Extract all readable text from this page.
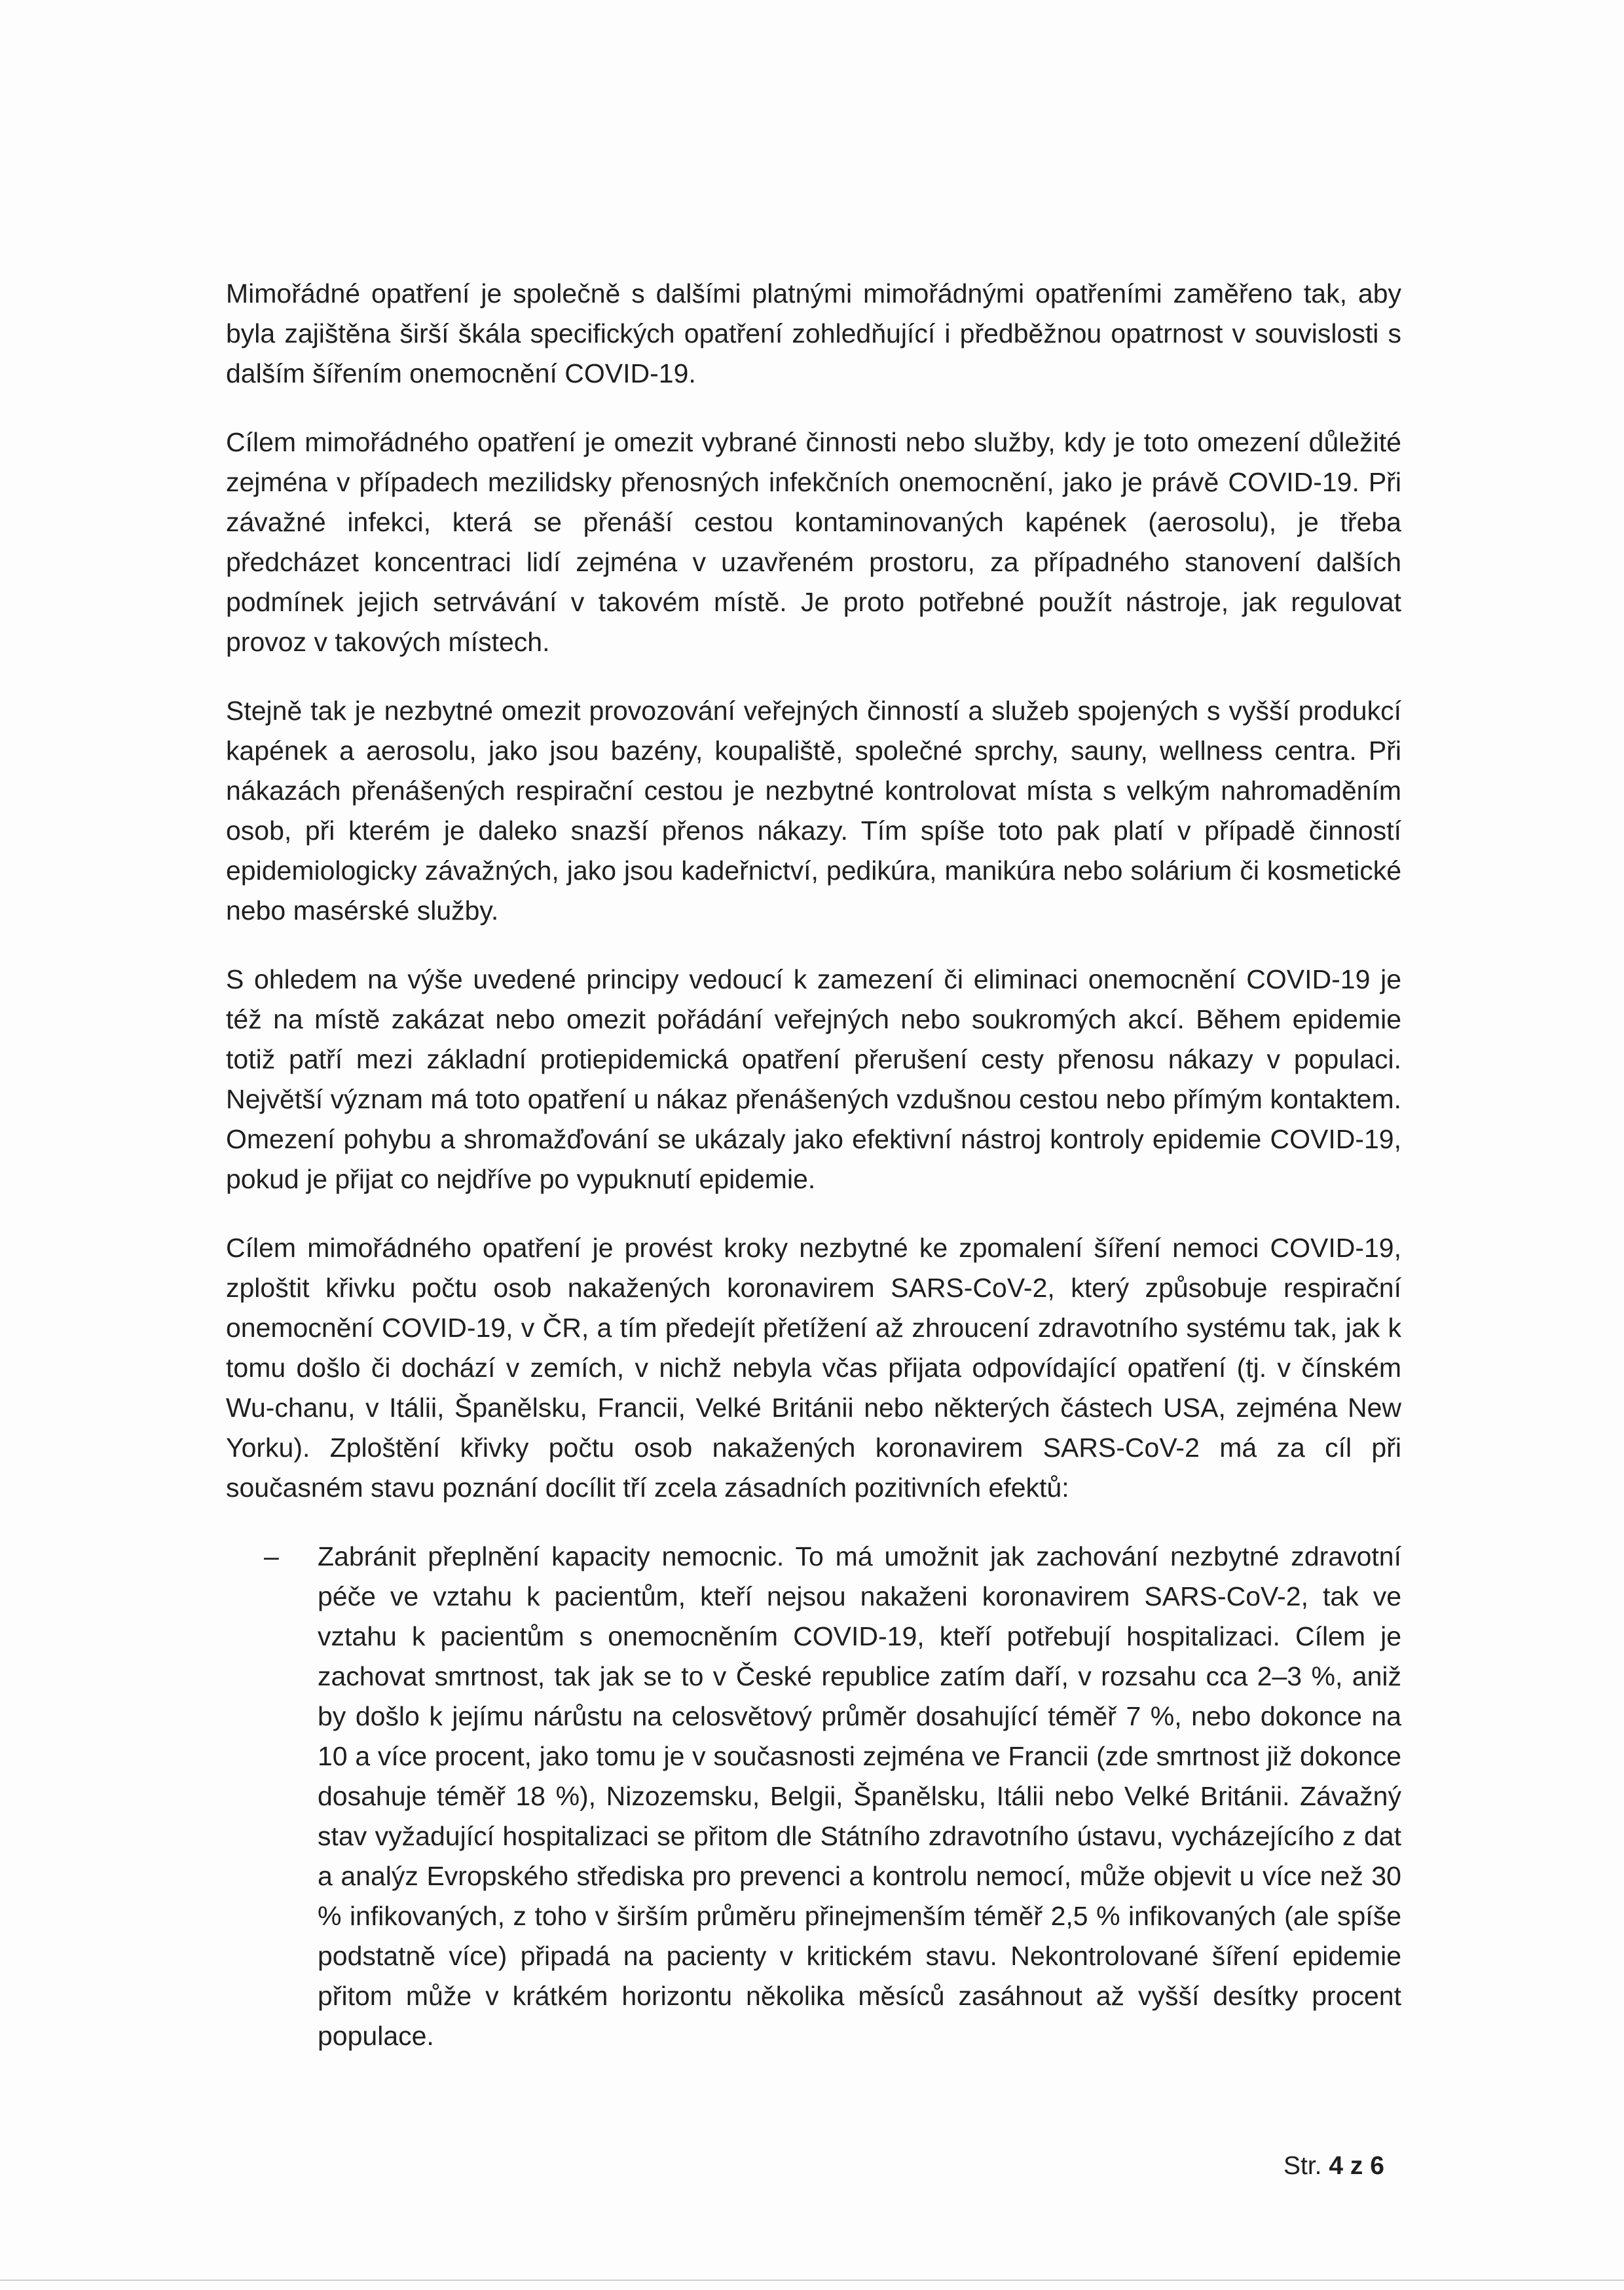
Mimořádné opatření je společně s dalšími platnými mimořádnými opatřeními zaměřeno tak, aby byla zajištěna širší škála specifických opatření zohledňující i předběžnou opatrnost v souvislosti s dalším šířením onemocnění COVID-19.

Cílem mimořádného opatření je omezit vybrané činnosti nebo služby, kdy je toto omezení důležité zejména v případech mezilidsky přenosných infekčních onemocnění, jako je právě COVID-19. Při závažné infekci, která se přenáší cestou kontaminovaných kapének (aerosolu), je třeba předcházet koncentraci lidí zejména v uzavřeném prostoru, za případného stanovení dalších podmínek jejich setrvávání v takovém místě. Je proto potřebné použít nástroje, jak regulovat provoz v takových místech.

Stejně tak je nezbytné omezit provozování veřejných činností a služeb spojených s vyšší produkcí kapének a aerosolu, jako jsou bazény, koupaliště, společné sprchy, sauny, wellness centra. Při nákazách přenášených respirační cestou je nezbytné kontrolovat místa s velkým nahromaděním osob, při kterém je daleko snazší přenos nákazy. Tím spíše toto pak platí v případě činností epidemiologicky závažných, jako jsou kadeřnictví, pedikúra, manikúra nebo solárium či kosmetické nebo masérské služby.

S ohledem na výše uvedené principy vedoucí k zamezení či eliminaci onemocnění COVID-19 je též na místě zakázat nebo omezit pořádání veřejných nebo soukromých akcí. Během epidemie totiž patří mezi základní protiepidemická opatření přerušení cesty přenosu nákazy v populaci. Největší význam má toto opatření u nákaz přenášených vzdušnou cestou nebo přímým kontaktem. Omezení pohybu a shromažďování se ukázaly jako efektivní nástroj kontroly epidemie COVID-19, pokud je přijat co nejdříve po vypuknutí epidemie.

Cílem mimořádného opatření je provést kroky nezbytné ke zpomalení šíření nemoci COVID-19, zploštit křivku počtu osob nakažených koronavirem SARS-CoV-2, který způsobuje respirační onemocnění COVID-19, v ČR, a tím předejít přetížení až zhroucení zdravotního systému tak, jak k tomu došlo či dochází v zemích, v nichž nebyla včas přijata odpovídající opatření (tj. v čínském Wu-chanu, v Itálii, Španělsku, Francii, Velké Británii nebo některých částech USA, zejména New Yorku). Zploštění křivky počtu osob nakažených koronavirem SARS-CoV-2 má za cíl při současném stavu poznání docílit tří zcela zásadních pozitivních efektů:

– Zabránit přeplnění kapacity nemocnic. To má umožnit jak zachování nezbytné zdravotní péče ve vztahu k pacientům, kteří nejsou nakaženi koronavirem SARS-CoV-2, tak ve vztahu k pacientům s onemocněním COVID-19, kteří potřebují hospitalizaci. Cílem je zachovat smrtnost, tak jak se to v České republice zatím daří, v rozsahu cca 2–3 %, aniž by došlo k jejímu nárůstu na celosvětový průměr dosahující téměř 7 %, nebo dokonce na 10 a více procent, jako tomu je v současnosti zejména ve Francii (zde smrtnost již dokonce dosahuje téměř 18 %), Nizozemsku, Belgii, Španělsku, Itálii nebo Velké Británii. Závažný stav vyžadující hospitalizaci se přitom dle Státního zdravotního ústavu, vycházejícího z dat a analýz Evropského střediska pro prevenci a kontrolu nemocí, může objevit u více než 30 % infikovaných, z toho v širším průměru přinejmenším téměř 2,5 % infikovaných (ale spíše podstatně více) připadá na pacienty v kritickém stavu. Nekontrolované šíření epidemie přitom může v krátkém horizontu několika měsíců zasáhnout až vyšší desítky procent populace.
Str. 4 z 6
